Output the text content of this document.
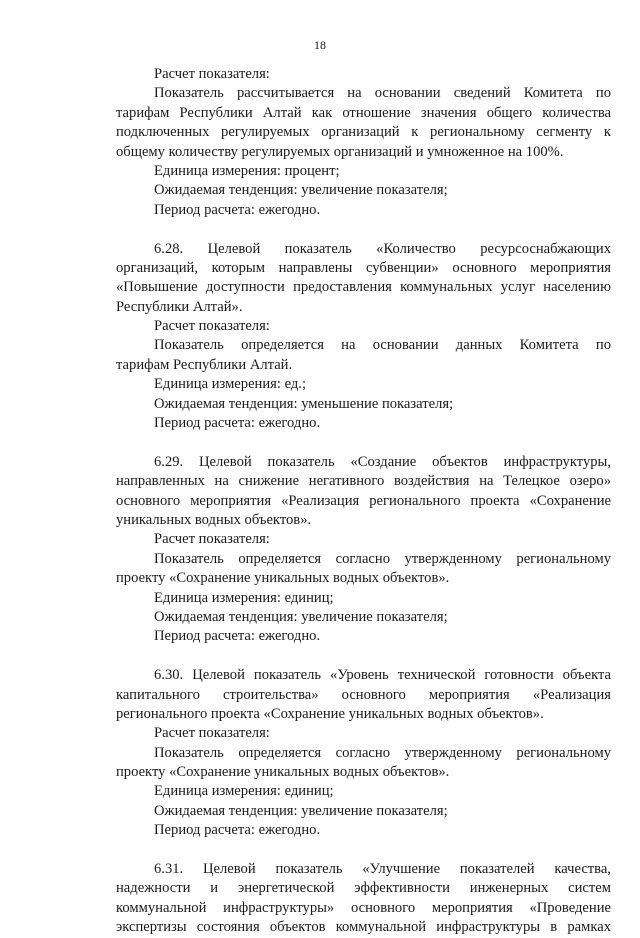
18
Расчет показателя:
Показатель рассчитывается на основании сведений Комитета по
тарифам Республики Алтай как отношение значения общего количества
подключенных регулируемых организаций к региональному сегменту к
общему количеству регулируемых организаций и умноженное на 100%.
Единица измерения: процент;
Ожидаемая тенденция: увеличение показателя;
Период расчета: ежегодно.
6.28. Целевой показатель «Количество ресурсоснабжающих
организаций, которым направлены субвенции» основного мероприятия
«Повышение доступности предоставления коммунальных услуг населению
Республики Алтай».
Расчет показателя:
Показатель определяется на основании данных Комитета по
тарифам Республики Алтай.
Единица измерения: ед.;
Ожидаемая тенденция: уменьшение показателя;
Период расчета: ежегодно.
6.29. Целевой показатель «Создание объектов инфраструктуры,
направленных на снижение негативного воздействия на Телецкое озеро»
основного мероприятия «Реализация регионального проекта «Сохранение
уникальных водных объектов».
Расчет показателя:
Показатель определяется согласно утвержденному региональному
проекту «Сохранение уникальных водных объектов».
Единица измерения: единиц;
Ожидаемая тенденция: увеличение показателя;
Период расчета: ежегодно.
6.30. Целевой показатель «Уровень технической готовности объекта
капитального строительства» основного мероприятия «Реализация
регионального проекта «Сохранение уникальных водных объектов».
Расчет показателя:
Показатель определяется согласно утвержденному региональному
проекту «Сохранение уникальных водных объектов».
Единица измерения: единиц;
Ожидаемая тенденция: увеличение показателя;
Период расчета: ежегодно.
6.31. Целевой показатель «Улучшение показателей качества,
надежности и энергетической эффективности инженерных систем
коммунальной инфраструктуры» основного мероприятия «Проведение
экспертизы состояния объектов коммунальной инфраструктуры в рамках
